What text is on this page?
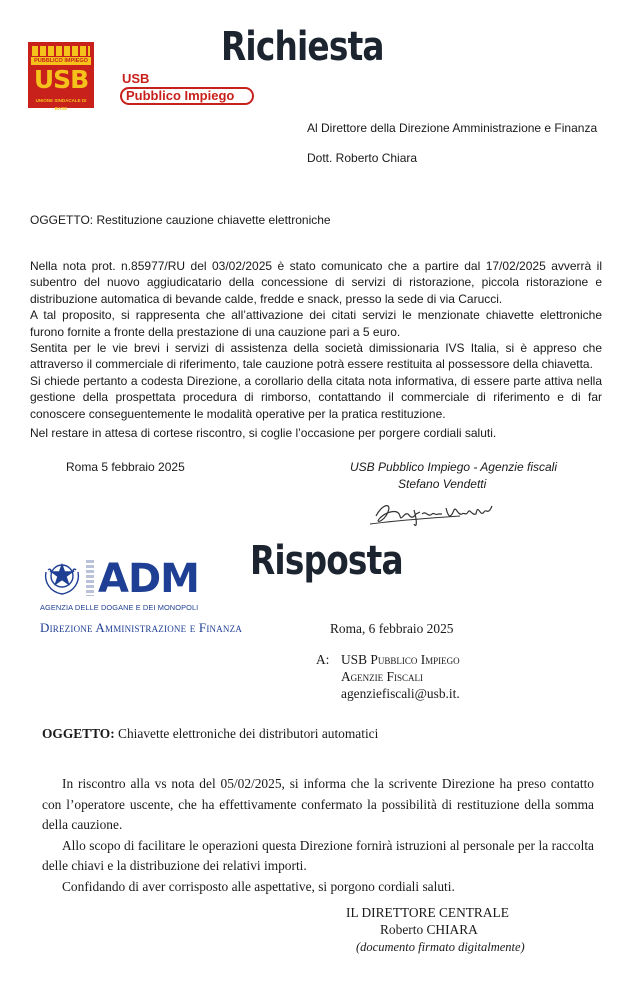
Richiesta
PUBBLICO IMPIEGO
USB
UNIONE SINDACALE DI BASE
USB
Pubblico Impiego
Al Direttore della Direzione Amministrazione e Finanza
Dott. Roberto Chiara
OGGETTO: Restituzione cauzione chiavette elettroniche

Nella nota prot. n.85977/RU del 03/02/2025 è stato comunicato che a partire dal 17/02/2025 avverrà il subentro del nuovo aggiudicatario della concessione di servizi di ristorazione, piccola ristorazione e distribuzione automatica di bevande calde, fredde e snack, presso la sede di via Carucci.

A tal proposito, si rappresenta che all’attivazione dei citati servizi le menzionate chiavette elettroniche furono fornite a fronte della prestazione di una cauzione pari a 5 euro.

Sentita per le vie brevi i servizi di assistenza della società dimissionaria IVS Italia, si è appreso che attraverso il commerciale di riferimento, tale cauzione potrà essere restituita al possessore della chiavetta.

Si chiede pertanto a codesta Direzione, a corollario della citata nota informativa, di essere parte attiva nella gestione della prospettata procedura di rimborso, contattando il commerciale di riferimento e di far conoscere conseguentemente le modalità operative per la pratica restituzione.

Nel restare in attesa di cortese riscontro, si coglie l’occasione per porgere cordiali saluti.
Roma 5 febbraio 2025	USB Pubblico Impiego - Agenzie fiscali
Stefano Vendetti
Risposta
ADM
AGENZIA DELLE DOGANE E DEI MONOPOLI
Direzione Amministrazione e Finanza	Roma, 6 febbraio 2025
A: USB Pubblico Impiego
Agenzie Fiscali
agenziefiscali@usb.it.
OGGETTO: Chiavette elettroniche dei distributori automatici

In riscontro alla vs nota del 05/02/2025, si informa che la scrivente Direzione ha preso contatto con l’operatore uscente, che ha effettivamente confermato la possibilità di restituzione della somma della cauzione.

Allo scopo di facilitare le operazioni questa Direzione fornirà istruzioni al personale per la raccolta delle chiavi e la distribuzione dei relativi importi.

Confidando di aver corrisposto alle aspettative, si porgono cordiali saluti.

IL DIRETTORE CENTRALE
Roberto CHIARA
(documento firmato digitalmente)
